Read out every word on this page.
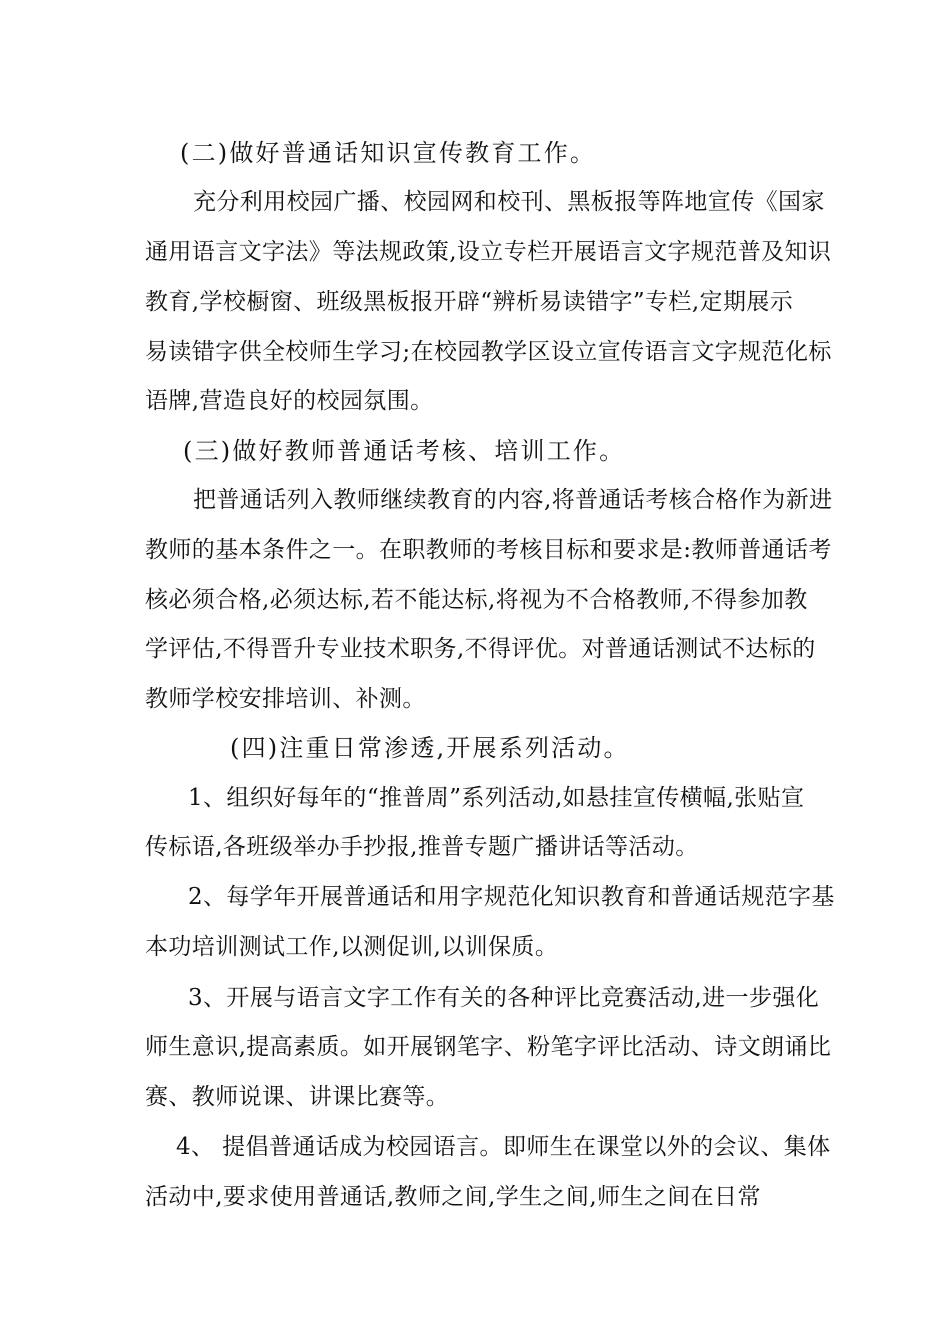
(二)做好普通话知识宣传教育工作。

充分利用校园广播、校园网和校刊、黑板报等阵地宣传《国家

通用语言文字法》等法规政策,设立专栏开展语言文字规范普及知识

教育,学校橱窗、班级黑板报开辟“辨析易读错字”专栏,定期展示

易读错字供全校师生学习;在校园教学区设立宣传语言文字规范化标

语牌,营造良好的校园氛围。

(三)做好教师普通话考核、培训工作。

把普通话列入教师继续教育的内容,将普通话考核合格作为新进

教师的基本条件之一。在职教师的考核目标和要求是:教师普通话考

核必须合格,必须达标,若不能达标,将视为不合格教师,不得参加教

学评估,不得晋升专业技术职务,不得评优。对普通话测试不达标的

教师学校安排培训、补测。

(四)注重日常渗透,开展系列活动。

1、组织好每年的“推普周”系列活动,如悬挂宣传横幅,张贴宣

传标语,各班级举办手抄报,推普专题广播讲话等活动。

2、每学年开展普通话和用字规范化知识教育和普通话规范字基

本功培训测试工作,以测促训,以训保质。

3、开展与语言文字工作有关的各种评比竞赛活动,进一步强化

师生意识,提高素质。如开展钢笔字、粉笔字评比活动、诗文朗诵比

赛、教师说课、讲课比赛等。

4、 提倡普通话成为校园语言。即师生在课堂以外的会议、集体

活动中,要求使用普通话,教师之间,学生之间,师生之间在日常
